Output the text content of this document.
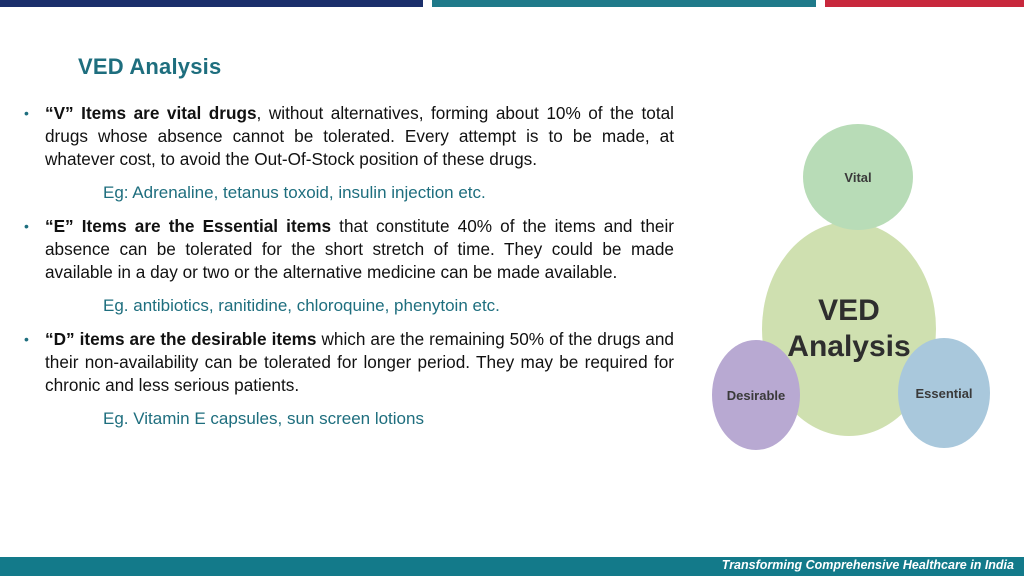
VED Analysis
• “V” Items are vital drugs, without alternatives, forming about 10% of the total drugs whose absence cannot be tolerated. Every attempt is to be made, at whatever cost, to avoid the Out-Of-Stock position of these drugs.
Eg: Adrenaline, tetanus toxoid, insulin injection etc.
• “E” Items are the Essential items that constitute 40% of the items and their absence can be tolerated for the short stretch of time. They could be made available in a day or two or the alternative medicine can be made available.
Eg. antibiotics, ranitidine, chloroquine, phenytoin etc.
• “D” items are the desirable items which are the remaining 50% of the drugs and their non-availability can be tolerated for longer period. They may be required for chronic and less serious patients.
Eg. Vitamin E capsules, sun screen lotions
VED
Analysis
Vital
Desirable	Essential
Transforming Comprehensive Healthcare in India
